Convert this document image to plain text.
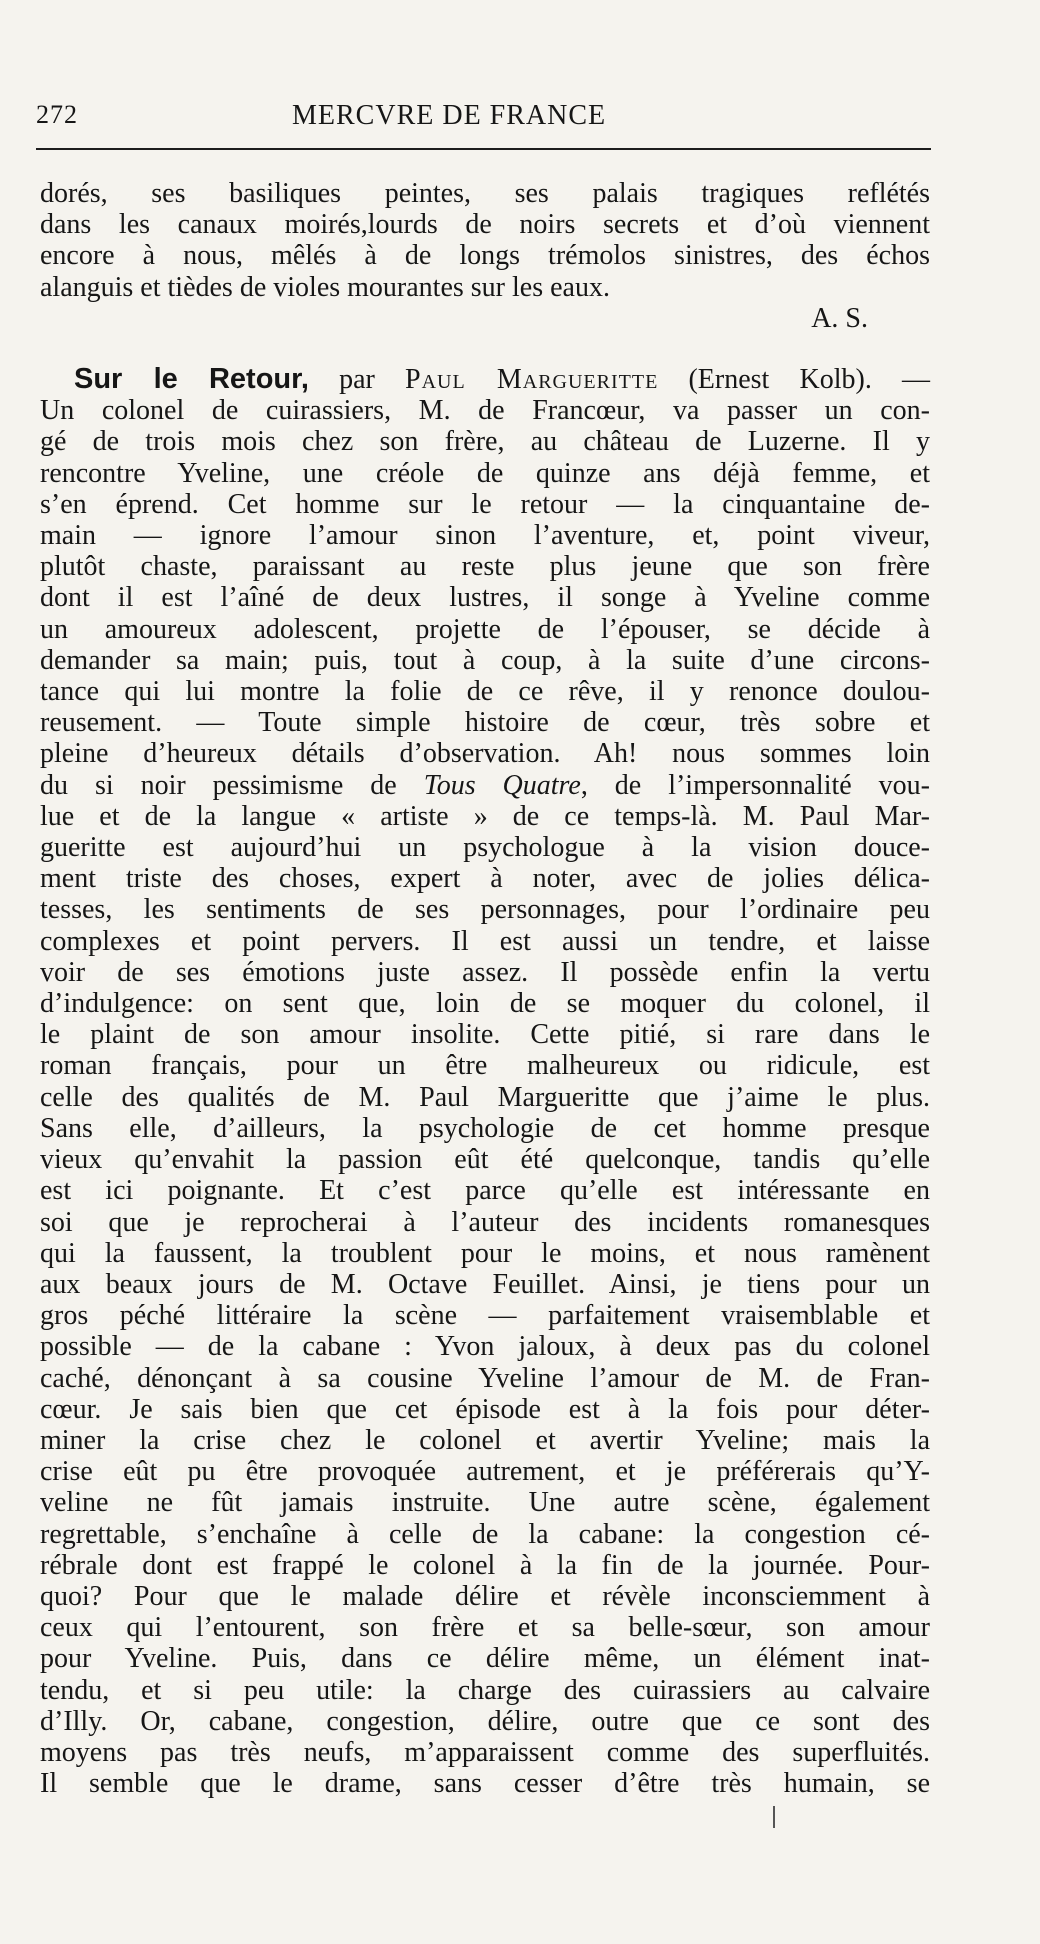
272	MERCVRE DE FRANCE
dorés, ses basiliques peintes, ses palais tragiques reflétés
dans les canaux moirés,lourds de noirs secrets et d’où viennent
encore à nous, mêlés à de longs trémolos sinistres, des échos
alanguis et tièdes de violes mourantes sur les eaux.
A. S.
Sur le Retour, par Paul Margueritte (Ernest Kolb). —
Un colonel de cuirassiers, M. de Francœur, va passer un con-
gé de trois mois chez son frère, au château de Luzerne. Il y
rencontre Yveline, une créole de quinze ans déjà femme, et
s’en éprend. Cet homme sur le retour — la cinquantaine de-
main — ignore l’amour sinon l’aventure, et, point viveur,
plutôt chaste, paraissant au reste plus jeune que son frère
dont il est l’aîné de deux lustres, il songe à Yveline comme
un amoureux adolescent, projette de l’épouser, se décide à
demander sa main; puis, tout à coup, à la suite d’une circons-
tance qui lui montre la folie de ce rêve, il y renonce doulou-
reusement. — Toute simple histoire de cœur, très sobre et
pleine d’heureux détails d’observation. Ah! nous sommes loin
du si noir pessimisme de Tous Quatre, de l’impersonnalité vou-
lue et de la langue « artiste » de ce temps-là. M. Paul Mar-
gueritte est aujourd’hui un psychologue à la vision douce-
ment triste des choses, expert à noter, avec de jolies délica-
tesses, les sentiments de ses personnages, pour l’ordinaire peu
complexes et point pervers. Il est aussi un tendre, et laisse
voir de ses émotions juste assez. Il possède enfin la vertu
d’indulgence: on sent que, loin de se moquer du colonel, il
le plaint de son amour insolite. Cette pitié, si rare dans le
roman français, pour un être malheureux ou ridicule, est
celle des qualités de M. Paul Margueritte que j’aime le plus.
Sans elle, d’ailleurs, la psychologie de cet homme presque
vieux qu’envahit la passion eût été quelconque, tandis qu’elle
est ici poignante. Et c’est parce qu’elle est intéressante en
soi que je reprocherai à l’auteur des incidents romanesques
qui la faussent, la troublent pour le moins, et nous ramènent
aux beaux jours de M. Octave Feuillet. Ainsi, je tiens pour un
gros péché littéraire la scène — parfaitement vraisemblable et
possible — de la cabane : Yvon jaloux, à deux pas du colonel
caché, dénonçant à sa cousine Yveline l’amour de M. de Fran-
cœur. Je sais bien que cet épisode est à la fois pour déter-
miner la crise chez le colonel et avertir Yveline; mais la
crise eût pu être provoquée autrement, et je préférerais qu’Y-
veline ne fût jamais instruite. Une autre scène, également
regrettable, s’enchaîne à celle de la cabane: la congestion cé-
rébrale dont est frappé le colonel à la fin de la journée. Pour-
quoi? Pour que le malade délire et révèle inconsciemment à
ceux qui l’entourent, son frère et sa belle-sœur, son amour
pour Yveline. Puis, dans ce délire même, un élément inat-
tendu, et si peu utile: la charge des cuirassiers au calvaire
d’Illy. Or, cabane, congestion, délire, outre que ce sont des
moyens pas très neufs, m’apparaissent comme des superfluités.
Il semble que le drame, sans cesser d’être très humain, se
